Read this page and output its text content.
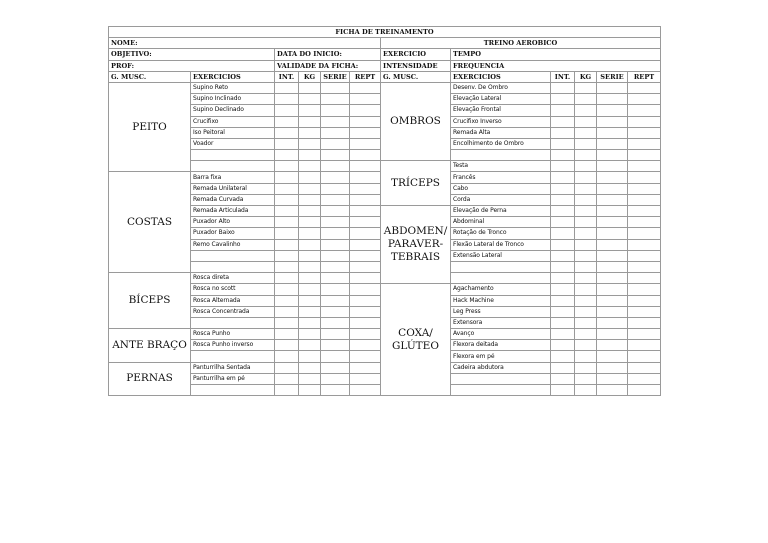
FICHA DE TREINAMENTO											
NOME:						TREINO AEROBICO					
OBJETIVO:		DATA DO INICIO:				EXERCICIO	TEMPO				
PROF:		VALIDADE DA FICHA:				INTENSIDADE	FREQUENCIA				
G. MUSC.	EXERCICIOS	INT.	KG	SERIE	REPT	G. MUSC.	EXERCICIOS	INT.	KG	SERIE	REPT
PEITO	Supino Reto					OMBROS	Desenv. De Ombro				
	Supino Inclinado						Elevação Lateral				
	Supino Declinado						Elevação Frontal				
	Crucifixo						Crucifixo Inverso				
	Iso Peitoral						Remada Alta				
	Voador						Encolhimento de Ombro				

						TRÍCEPS	Testa				
COSTAS	Barra fixa						Francês				
	Remada Unilateral						Cabo				
	Remada Curvada						Corda				
	Remada Articulada					ABDOMEN/ PARAVER-TEBRAIS	Elevação de Perna				
	Puxador Alto						Abdominal				
	Puxador Baixo						Rotação de Tronco				
	Remo Cavalinho						Flexão Lateral de Tronco				
							Extensão Lateral				

BÍCEPS	Rosca direta										
	Rosca no scott					COXA/ GLÚTEO	Agachamento				
	Rosca Alternada						Hack Machine				
	Rosca Concentrada						Leg Press				
							Extensora				
ANTE BRAÇO	Rosca Punho						Avanço				
	Rosca Punho inverso						Flexora deitada				
							Flexora em pé				
PERNAS	Panturrilha Sentada						Cadeira abdutora				
	Panturrilha em pé										
